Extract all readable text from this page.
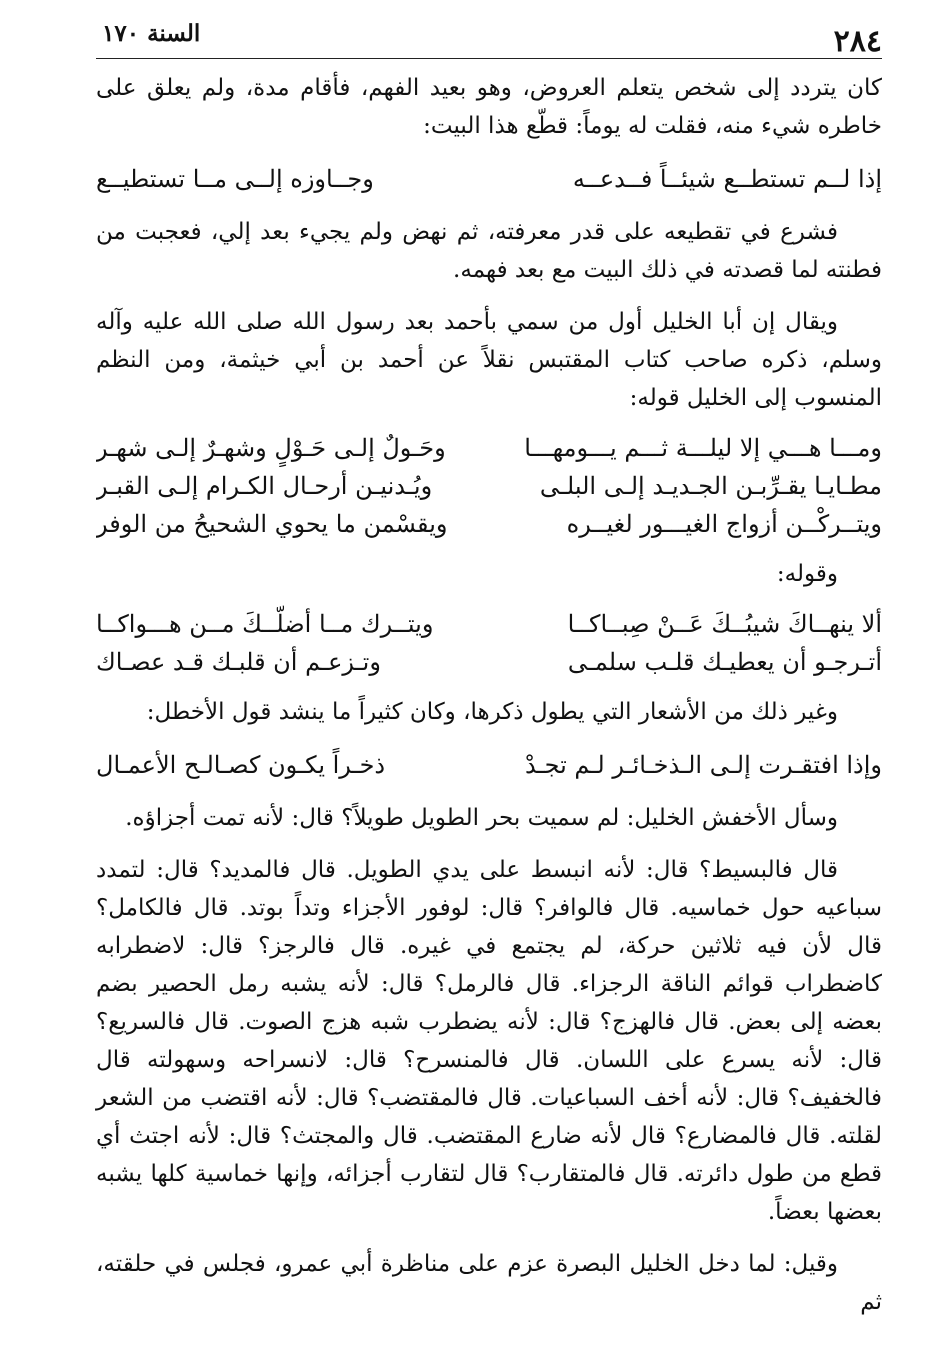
٢٨٤
السنة ١٧٠

كان يتردد إلى شخص يتعلم العروض، وهو بعيد الفهم، فأقام مدة، ولم يعلق على خاطره شيء منه، فقلت له يوماً: قطّع هذا البيت:

إذا لــم تستطــع شيئــاً فــدعــه
وجــاوزه إلــى مــا تستطيــع

فشرع في تقطيعه على قدر معرفته، ثم نهض ولم يجيء بعد إلي، فعجبت من فطنته لما قصدته في ذلك البيت مع بعد فهمه.

ويقال إن أبا الخليل أول من سمي بأحمد بعد رسول الله صلى الله عليه وآله وسلم، ذكره صاحب كتاب المقتبس نقلاً عن أحمد بن أبي خيثمة، ومن النظم المنسوب إلى الخليل قوله:

ومـــا هـــي إلا ليلـــة ثـــم يـــومهـــا
وحَـولٌ إلـى حَـوْلٍ وشهـرٌ إلـى شهـر
مطـايـا يقـرِّبـن الجـديـد إلـى البلـى
ويُـدنيـن أرحـال الكـرام إلـى القبـر
ويتــركْــن أزواج الغيـــور لغيــره
ويقسْمن ما يحوي الشحيحُ من الوفر

وقوله:

ألا ينهــاكَ شيبُــكَ عَــنْ صِبــاكــا
ويتــرك مــا أضلّــكَ مــن هـــواكــا
أتـرجـو أن يعطيـك قلـب سلمـى
وتـزعـم أن قلبـك قـد عصـاك

وغير ذلك من الأشعار التي يطول ذكرها، وكان كثيراً ما ينشد قول الأخطل:

وإذا افتقـرت إلـى الـذخـائـر لـم تجـدْ
ذخـراً يكـون كصـالـح الأعمـال

وسأل الأخفش الخليل: لم سميت بحر الطويل طويلاً؟ قال: لأنه تمت أجزاؤه.

قال فالبسيط؟ قال: لأنه انبسط على يدي الطويل. قال فالمديد؟ قال: لتمدد سباعيه حول خماسيه. قال فالوافر؟ قال: لوفور الأجزاء وتداً بوتد. قال فالكامل؟ قال لأن فيه ثلاثين حركة، لم يجتمع في غيره. قال فالرجز؟ قال: لاضطرابه كاضطراب قوائم الناقة الرجزاء. قال فالرمل؟ قال: لأنه يشبه رمل الحصير بضم بعضه إلى بعض. قال فالهزج؟ قال: لأنه يضطرب شبه هزج الصوت. قال فالسريع؟ قال: لأنه يسرع على اللسان. قال فالمنسرح؟ قال: لانسراحه وسهولته قال فالخفيف؟ قال: لأنه أخف السباعيات. قال فالمقتضب؟ قال: لأنه اقتضب من الشعر لقلته. قال فالمضارع؟ قال لأنه ضارع المقتضب. قال والمجتث؟ قال: لأنه اجتث أي قطع من طول دائرته. قال فالمتقارب؟ قال لتقارب أجزائه، وإنها خماسية كلها يشبه بعضها بعضاً.

وقيل: لما دخل الخليل البصرة عزم على مناظرة أبي عمرو، فجلس في حلقته، ثم
